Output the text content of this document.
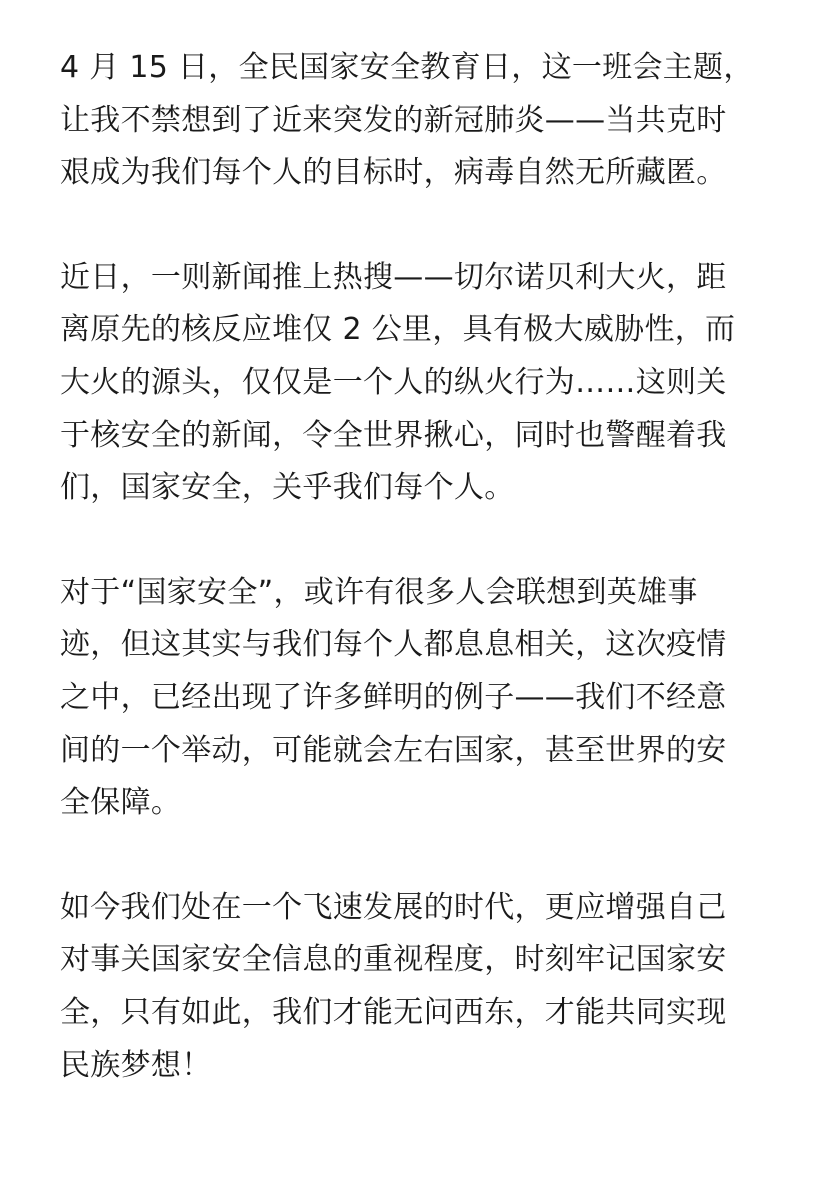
4 月 15 日，全民国家安全教育日，这一班会主题，
让我不禁想到了近来突发的新冠肺炎——当共克时
艰成为我们每个人的目标时，病毒自然无所藏匿。

近日，一则新闻推上热搜——切尔诺贝利大火，距
离原先的核反应堆仅 2 公里，具有极大威胁性，而
大火的源头，仅仅是一个人的纵火行为……这则关
于核安全的新闻，令全世界揪心，同时也警醒着我
们，国家安全，关乎我们每个人。

对于“国家安全”，或许有很多人会联想到英雄事
迹，但这其实与我们每个人都息息相关，这次疫情
之中，已经出现了许多鲜明的例子——我们不经意
间的一个举动，可能就会左右国家，甚至世界的安
全保障。

如今我们处在一个飞速发展的时代，更应增强自己
对事关国家安全信息的重视程度，时刻牢记国家安
全，只有如此，我们才能无问西东，才能共同实现
民族梦想！
